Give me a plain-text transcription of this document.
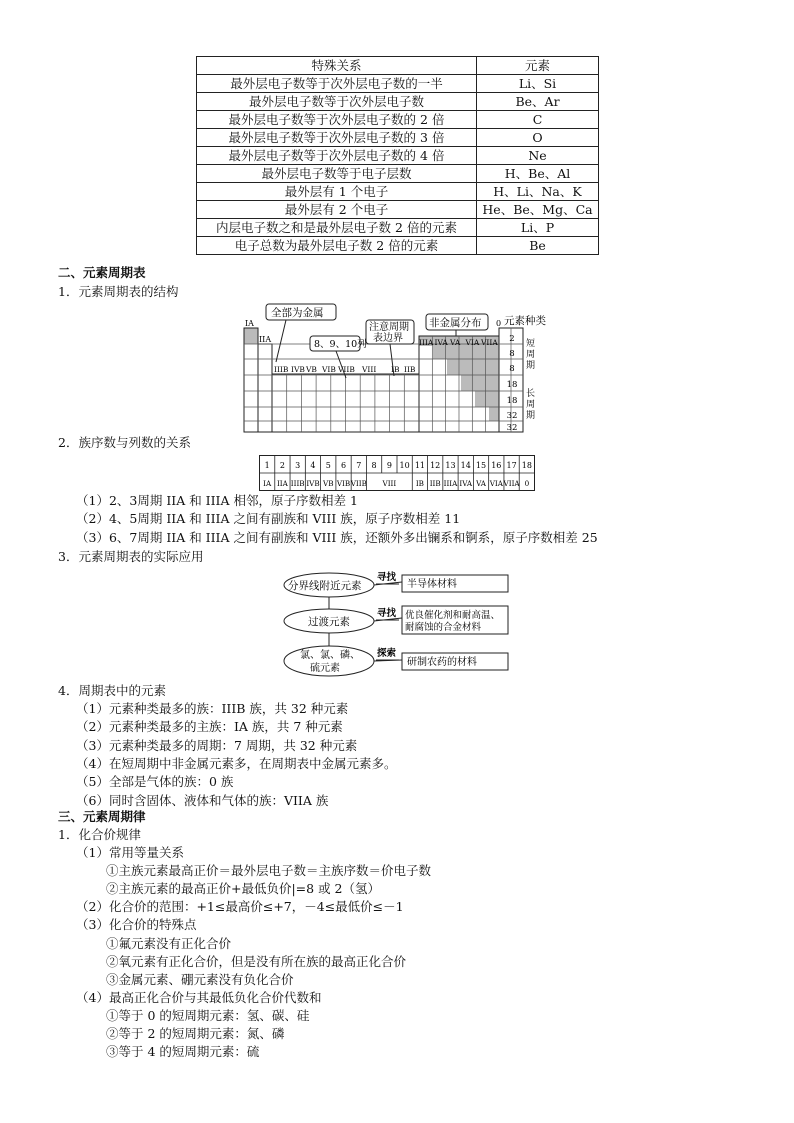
特殊关系	元素
最外层电子数等于次外层电子数的一半	Li、Si
最外层电子数等于次外层电子数	Be、Ar
最外层电子数等于次外层电子数的 2 倍	C
最外层电子数等于次外层电子数的 3 倍	O
最外层电子数等于次外层电子数的 4 倍	Ne
最外层电子数等于电子层数	H、Be、Al
最外层有 1 个电子	H、Li、Na、K
最外层有 2 个电子	He、Be、Mg、Ca
内层电子数之和是最外层电子数 2 倍的元素	Li、P
电子总数为最外层电子数 2 倍的元素	Be
二、元素周期表
1．元素周期表的结构
全部为金属
8、9、10列
注意周期
表边界
非金属分布 0 元素种类
IA
IIA
IIIB IVB VB VIB VIIB VIII IB IIB
IIIA IVA VA VIA VIIA 2
8
8
18
18
32
32
短
周
期
长
周
期
2．族序数与列数的关系
1 2 3 4 5 6 7 8 9 10 11 12 13 14 15 16 17 18
IA IIA IIIB IVB VB VIB VIIB VIII	IB IIB IIIA IVA VA VIA VIIA 0
（1）2、3周期 IIA 和 IIIA 相邻，原子序数相差 1
（2）4、5周期 IIA 和 IIIA 之间有副族和 VIII 族，原子序数相差 11
（3）6、7周期 IIA 和 IIIA 之间有副族和 VIII 族，还额外多出镧系和锕系，原子序数相差 25
3．元素周期表的实际应用
分界线附近元素
过渡元素
氯、氯、磷、
硫元素
寻找
寻找
探索
半导体材料
优良催化剂和耐高温、
耐腐蚀的合金材料
研制农药的材料
4．周期表中的元素
（1）元素种类最多的族：IIIB 族，共 32 种元素
（2）元素种类最多的主族：ⅠA 族，共 7 种元素
（3）元素种类最多的周期：7 周期，共 32 种元素
（4）在短周期中非金属元素多，在周期表中金属元素多。
（5）全部是气体的族：0 族
（6）同时含固体、液体和气体的族：VIIA 族
三、元素周期律
1．化合价规律
（1）常用等量关系
①主族元素最高正价＝最外层电子数＝主族序数＝价电子数
②主族元素的最高正价+最低负价|=8 或 2（氢）
（2）化合价的范围：+1≤最高价≤+7，－4≤最低价≤－1
（3）化合价的特殊点
①氟元素没有正化合价
②氧元素有正化合价，但是没有所在族的最高正化合价
③金属元素、硼元素没有负化合价
（4）最高正化合价与其最低负化合价代数和
①等于 0 的短周期元素：氢、碳、硅
②等于 2 的短周期元素：氮、磷
③等于 4 的短周期元素：硫
